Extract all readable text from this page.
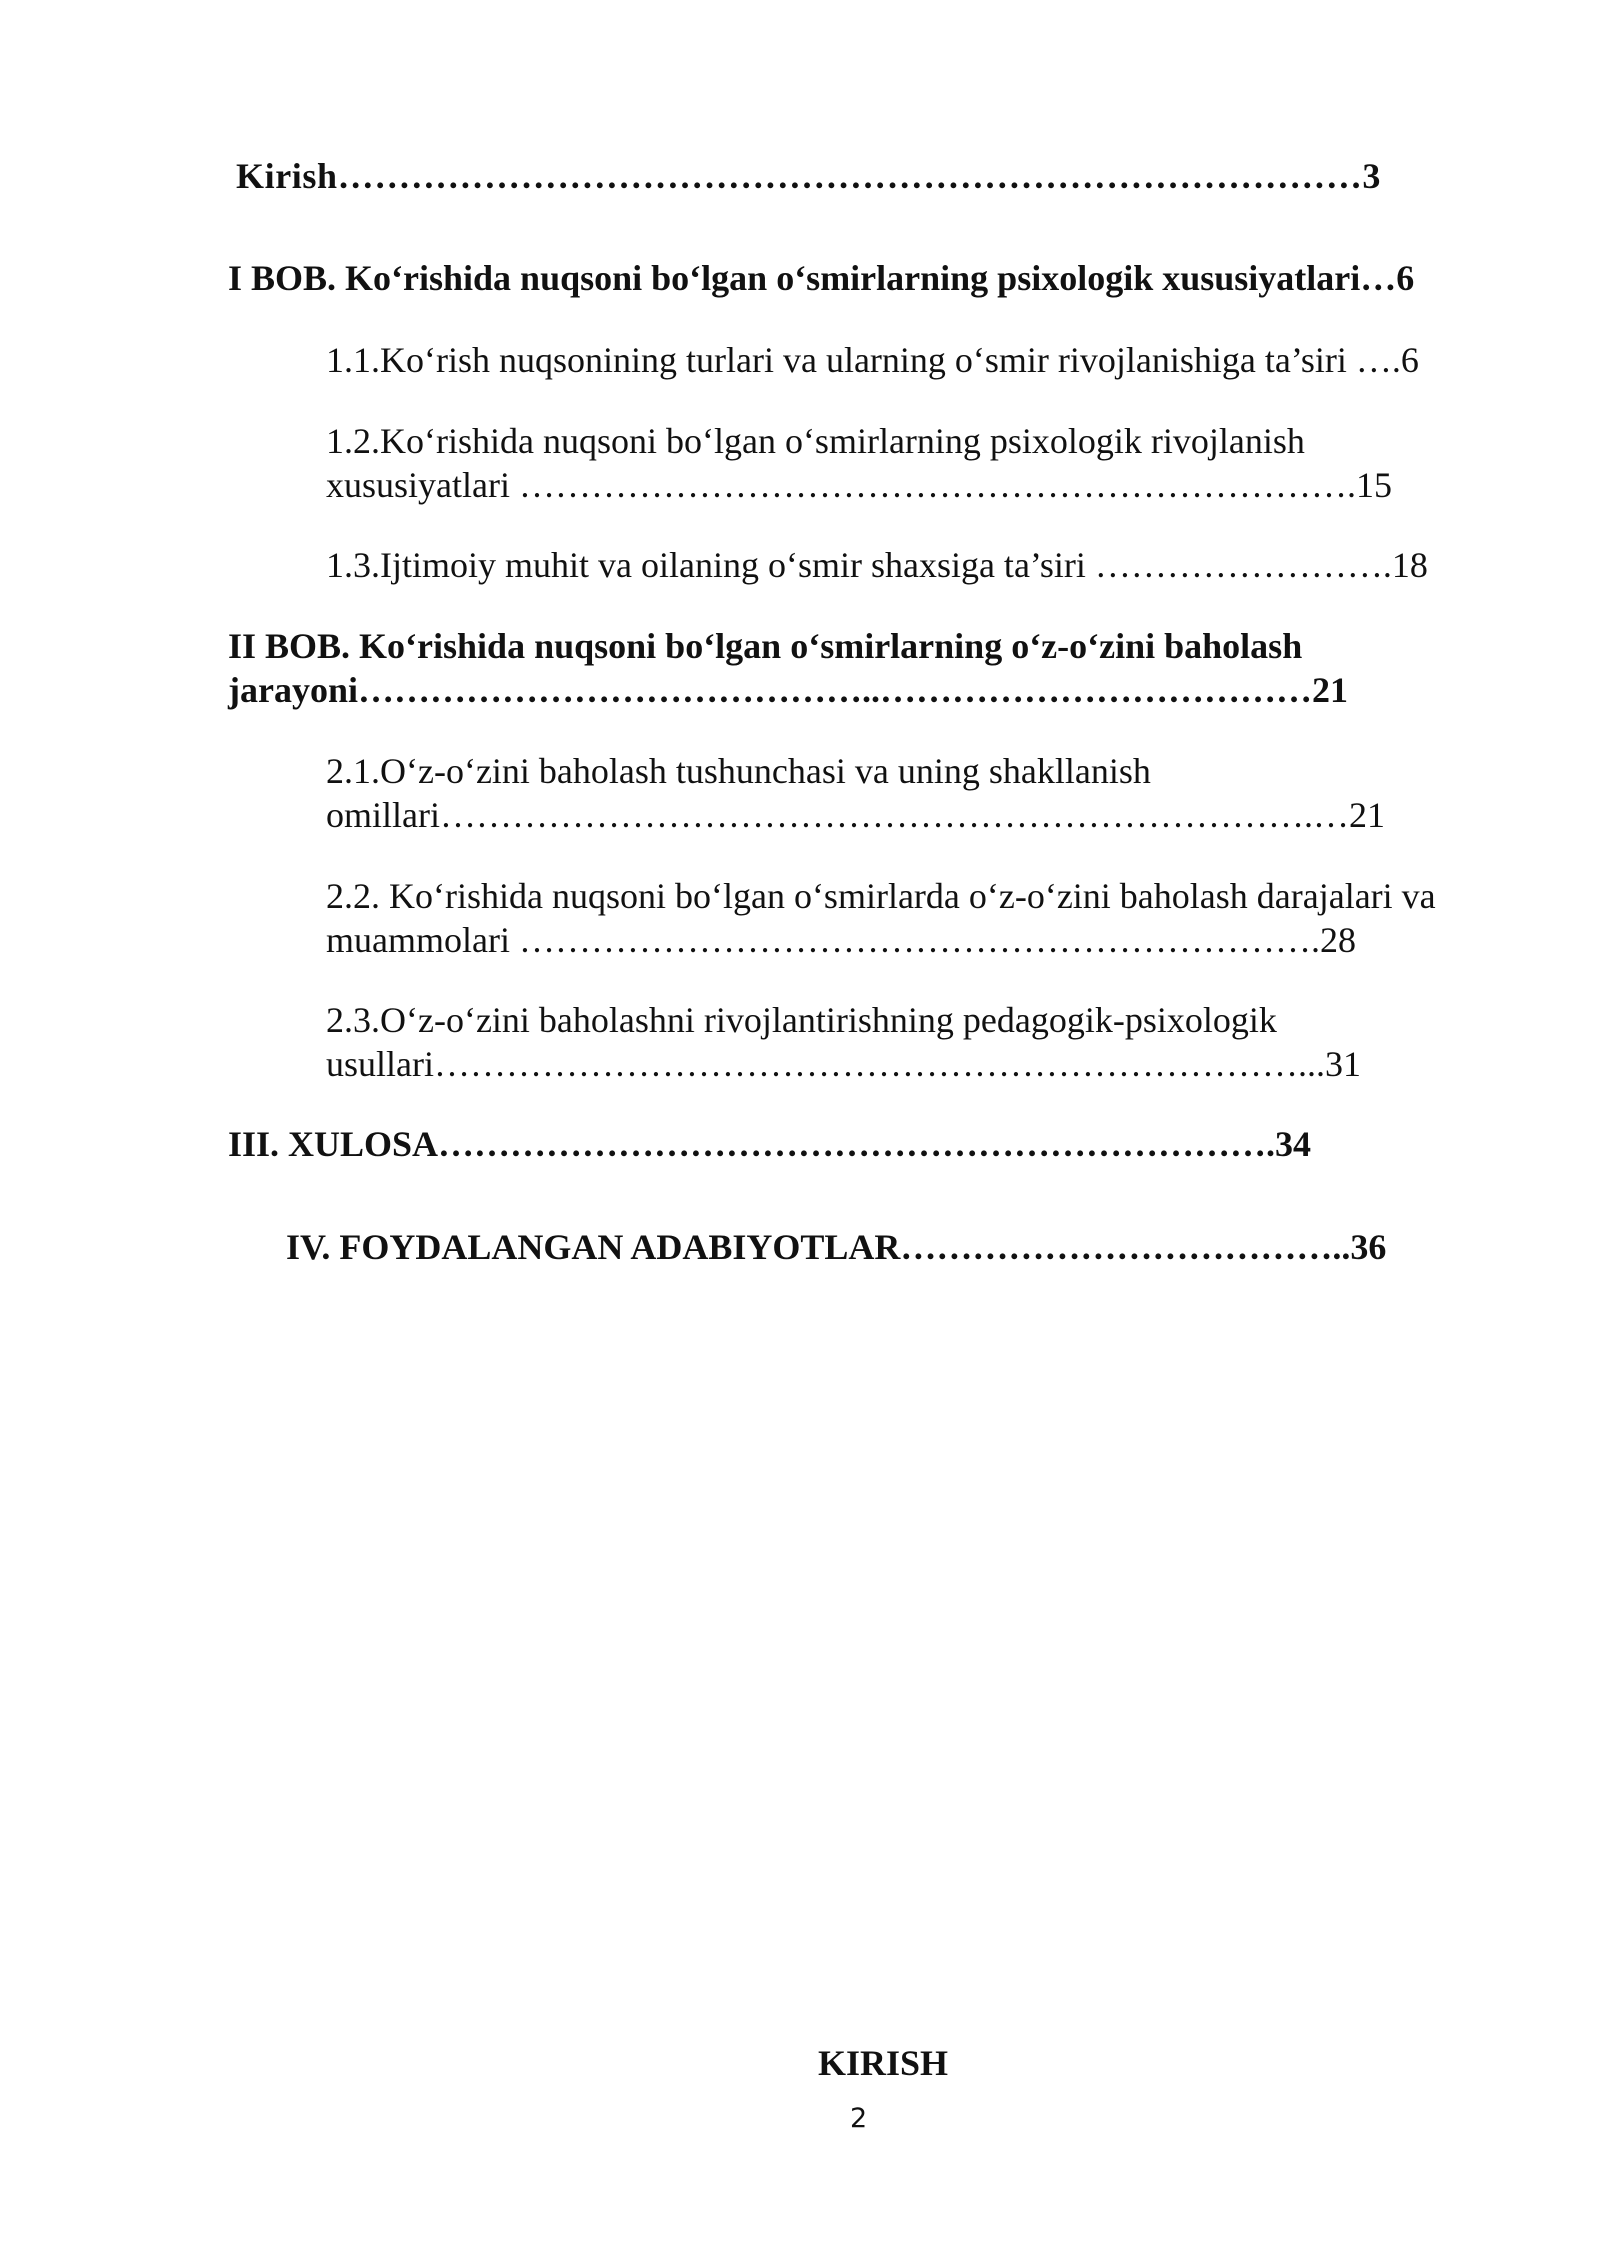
Kirish…………………………………………………………………………3
I BOB. Ko‘rishida nuqsoni bo‘lgan o‘smirlarning psixologik xususiyatlari…6
1.1.Ko‘rish nuqsonining turlari va ularning o‘smir rivojlanishiga ta’siri ….6
1.2.Ko‘rishida nuqsoni bo‘lgan o‘smirlarning psixologik rivojlanish
xususiyatlari …………………………………………………………….15
1.3.Ijtimoiy muhit va oilaning o‘smir shaxsiga ta’siri …………………….18
II BOB. Ko‘rishida nuqsoni bo‘lgan o‘smirlarning o‘z-o‘zini baholash
jarayoni……………………………………..………………………………21
2.1.O‘z-o‘zini baholash tushunchasi va uning shakllanish
omillari……………………………………………………………….…21
2.2. Ko‘rishida nuqsoni bo‘lgan o‘smirlarda o‘z-o‘zini baholash darajalari va
muammolari ………………………………………………………….28
2.3.O‘z-o‘zini baholashni rivojlantirishning pedagogik-psixologik
usullari………………………………………………………………...31
III. XULOSA…………………………………………………………….34
IV. FOYDALANGAN ADABIYOTLAR………………………………..36
KIRISH
2
